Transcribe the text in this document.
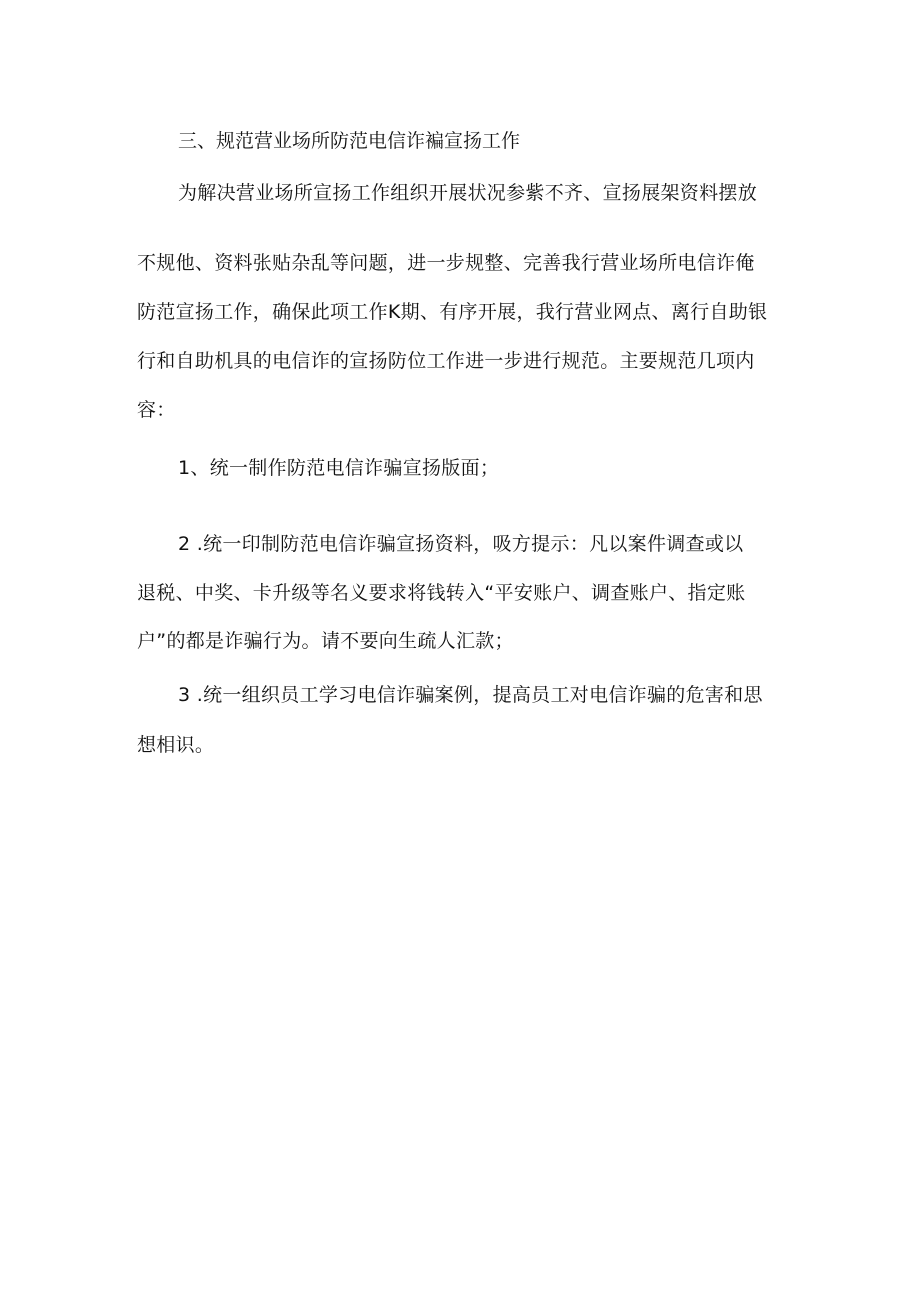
三、规范营业场所防范电信诈褊宣扬工作
为解决营业场所宣扬工作组织开展状况参紫不齐、宣扬展架资料摆放
不规他、资料张贴杂乱等问题，进一步规整、完善我行营业场所电信诈俺
防范宣扬工作，确保此项工作K期、有序开展，我行营业网点、离行自助银
行和自助机具的电信诈的宣扬防位工作进一步进行规范。主要规范几项内
容：
1、统一制作防范电信诈骗宣扬版面；
2 .统一印制防范电信诈骗宣扬资料，吸方提示：凡以案件调查或以
退税、中奖、卡升级等名义要求将钱转入“平安账户、调查账户、指定账
户”的都是诈骗行为。请不要向生疏人汇款；
3 .统一组织员工学习电信诈骗案例，提高员工对电信诈骗的危害和思
想相识。
